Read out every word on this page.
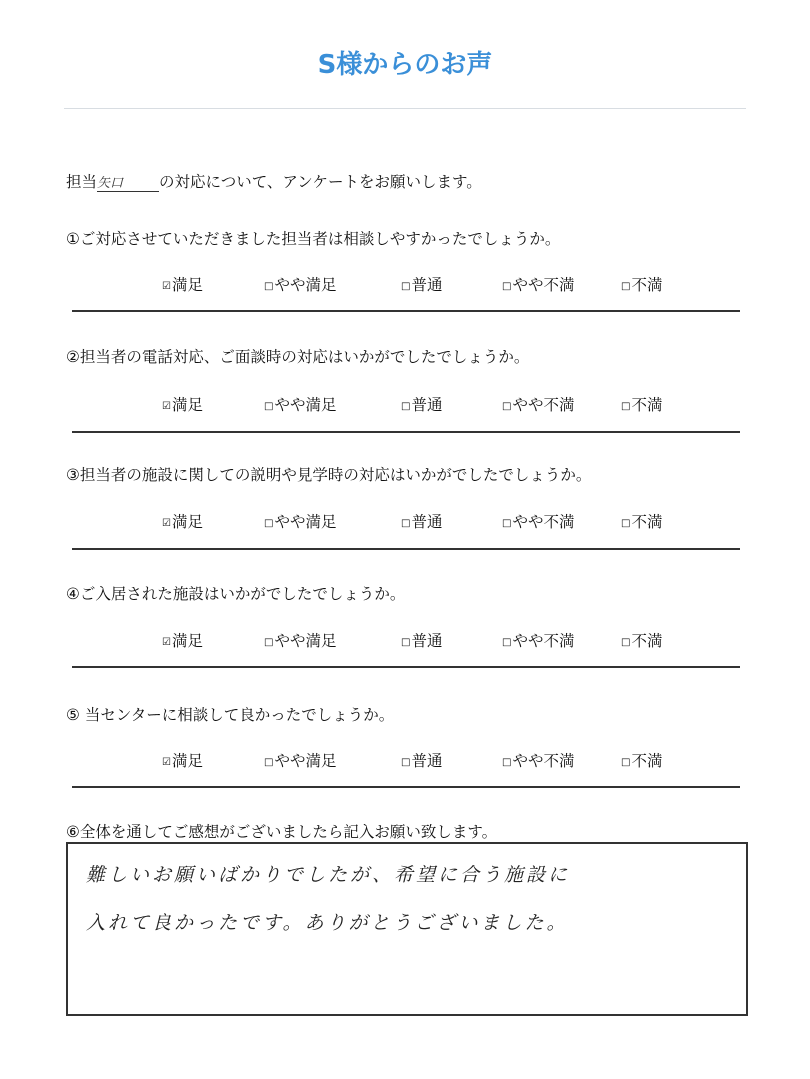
S様からのお声
担当矢口 の対応について、アンケートをお願いします。
①ご対応させていただきました担当者は相談しやすかったでしょうか。
☑満足	□やや満足	□普通	□やや不満	□不満
②担当者の電話対応、ご面談時の対応はいかがでしたでしょうか。
☑満足	□やや満足	□普通	□やや不満	□不満
③担当者の施設に関しての説明や見学時の対応はいかがでしたでしょうか。
☑満足	□やや満足	□普通	□やや不満	□不満
④ご入居された施設はいかがでしたでしょうか。
☑満足	□やや満足	□普通	□やや不満	□不満
⑤ 当センターに相談して良かったでしょうか。
☑満足	□やや満足	□普通	□やや不満	□不満
⑥全体を通してご感想がございましたら記入お願い致します。
難しいお願いばかりでしたが、希望に合う施設に
入れて良かったです。ありがとうございました。
